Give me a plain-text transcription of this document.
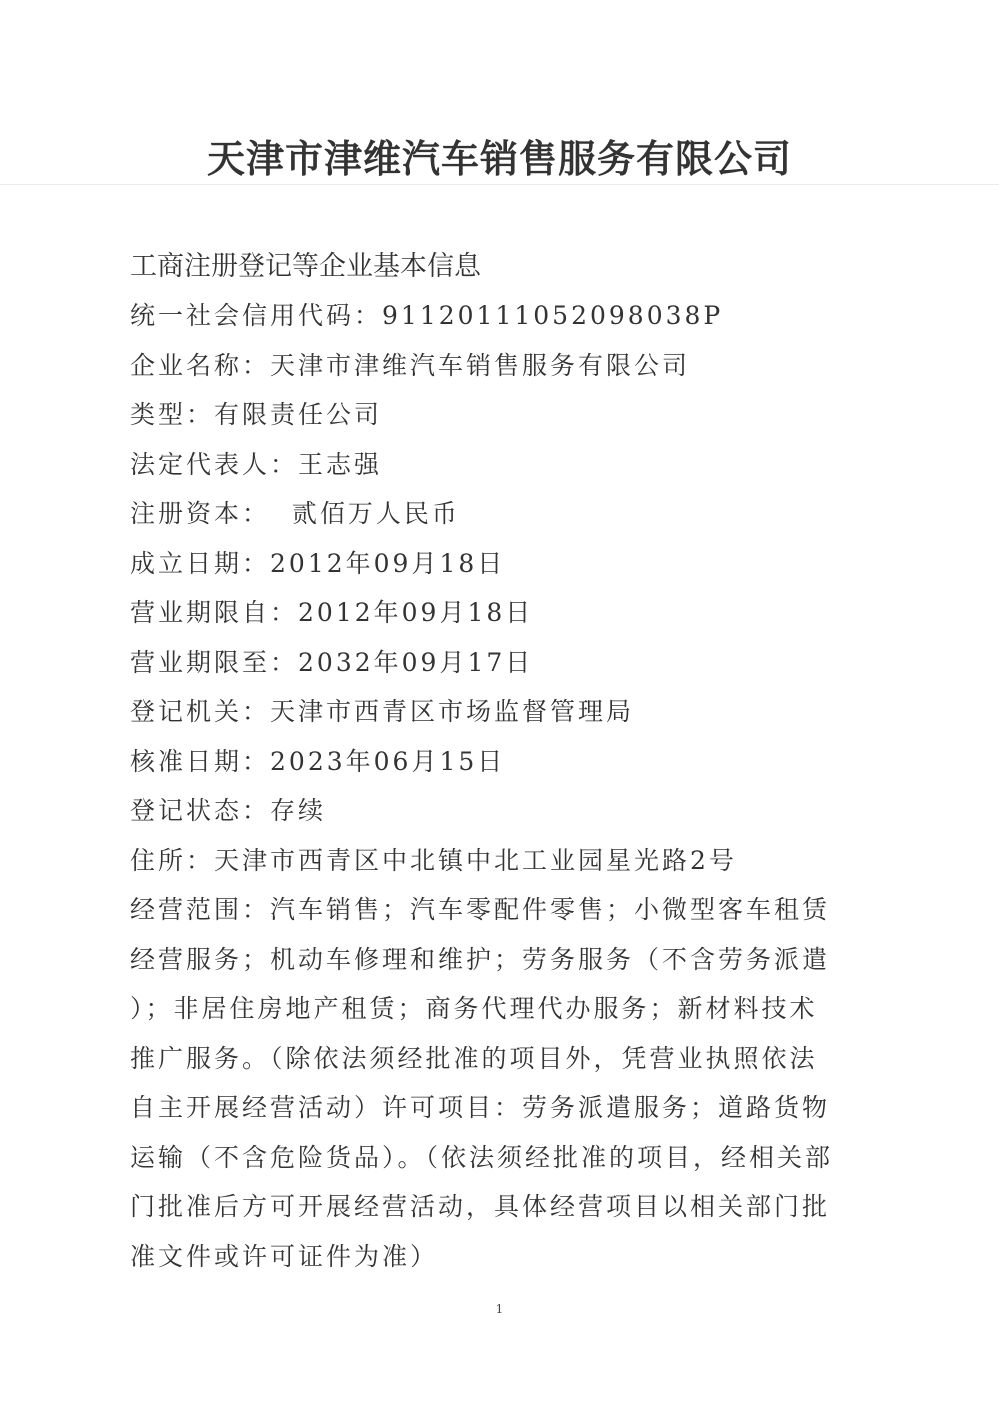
天津市津维汽车销售服务有限公司
工商注册登记等企业基本信息
统一社会信用代码：91120111052098038P
企业名称：天津市津维汽车销售服务有限公司
类型：有限责任公司
法定代表人：王志强
注册资本：  贰佰万人民币
成立日期：2012年09月18日
营业期限自：2012年09月18日
营业期限至：2032年09月17日
登记机关：天津市西青区市场监督管理局
核准日期：2023年06月15日
登记状态：存续
住所：天津市西青区中北镇中北工业园星光路2号
经营范围：汽车销售；汽车零配件零售；小微型客车租赁
经营服务；机动车修理和维护；劳务服务（不含劳务派遣
）；非居住房地产租赁；商务代理代办服务；新材料技术
推广服务。（除依法须经批准的项目外，凭营业执照依法
自主开展经营活动）许可项目：劳务派遣服务；道路货物
运输（不含危险货品）。（依法须经批准的项目，经相关部
门批准后方可开展经营活动，具体经营项目以相关部门批
准文件或许可证件为准）
1
